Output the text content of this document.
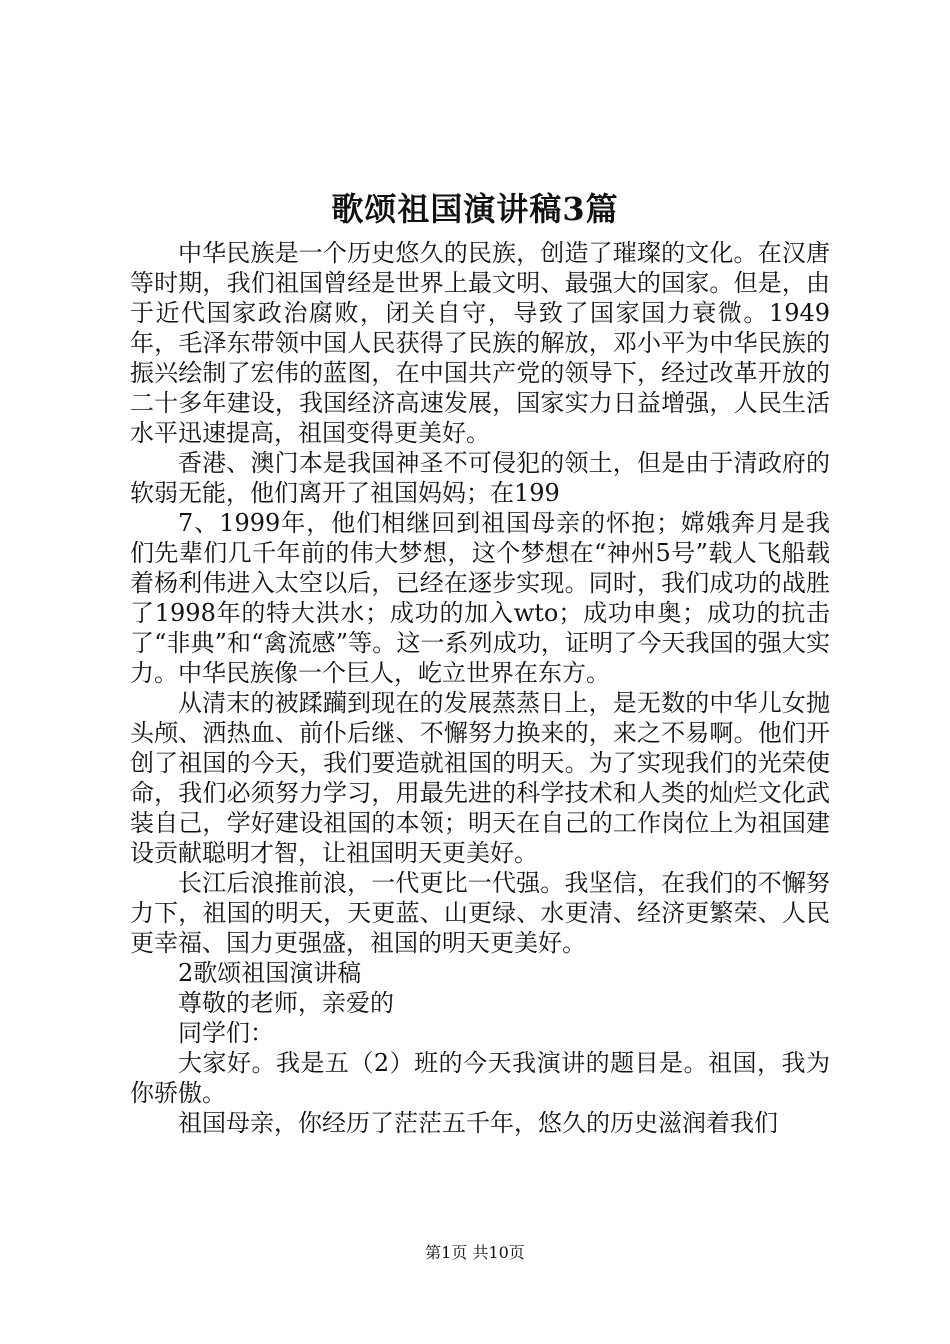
歌颂祖国演讲稿3篇

中华民族是一个历史悠久的民族，创造了璀璨的文化。在汉唐等时期，我们祖国曾经是世界上最文明、最强大的国家。但是，由于近代国家政治腐败，闭关自守，导致了国家国力衰微。1949年，毛泽东带领中国人民获得了民族的解放，邓小平为中华民族的振兴绘制了宏伟的蓝图，在中国共产党的领导下，经过改革开放的二十多年建设，我国经济高速发展，国家实力日益增强，人民生活水平迅速提高，祖国变得更美好。

香港、澳门本是我国神圣不可侵犯的领土，但是由于清政府的软弱无能，他们离开了祖国妈妈；在199

7、1999年，他们相继回到祖国母亲的怀抱；嫦娥奔月是我们先辈们几千年前的伟大梦想，这个梦想在“神州5号”载人飞船载着杨利伟进入太空以后，已经在逐步实现。同时，我们成功的战胜了1998年的特大洪水；成功的加入wto；成功申奥；成功的抗击了“非典”和“禽流感”等。这一系列成功，证明了今天我国的强大实力。中华民族像一个巨人，屹立世界在东方。

从清末的被蹂躏到现在的发展蒸蒸日上，是无数的中华儿女抛头颅、洒热血、前仆后继、不懈努力换来的，来之不易啊。他们开创了祖国的今天，我们要造就祖国的明天。为了实现我们的光荣使命，我们必须努力学习，用最先进的科学技术和人类的灿烂文化武装自己，学好建设祖国的本领；明天在自己的工作岗位上为祖国建设贡献聪明才智，让祖国明天更美好。

长江后浪推前浪，一代更比一代强。我坚信，在我们的不懈努力下，祖国的明天，天更蓝、山更绿、水更清、经济更繁荣、人民更幸福、国力更强盛，祖国的明天更美好。

2歌颂祖国演讲稿

尊敬的老师，亲爱的

同学们：

大家好。我是五（2）班的今天我演讲的题目是。祖国，我为你骄傲。

祖国母亲，你经历了茫茫五千年，悠久的历史滋润着我们

第1页 共10页
